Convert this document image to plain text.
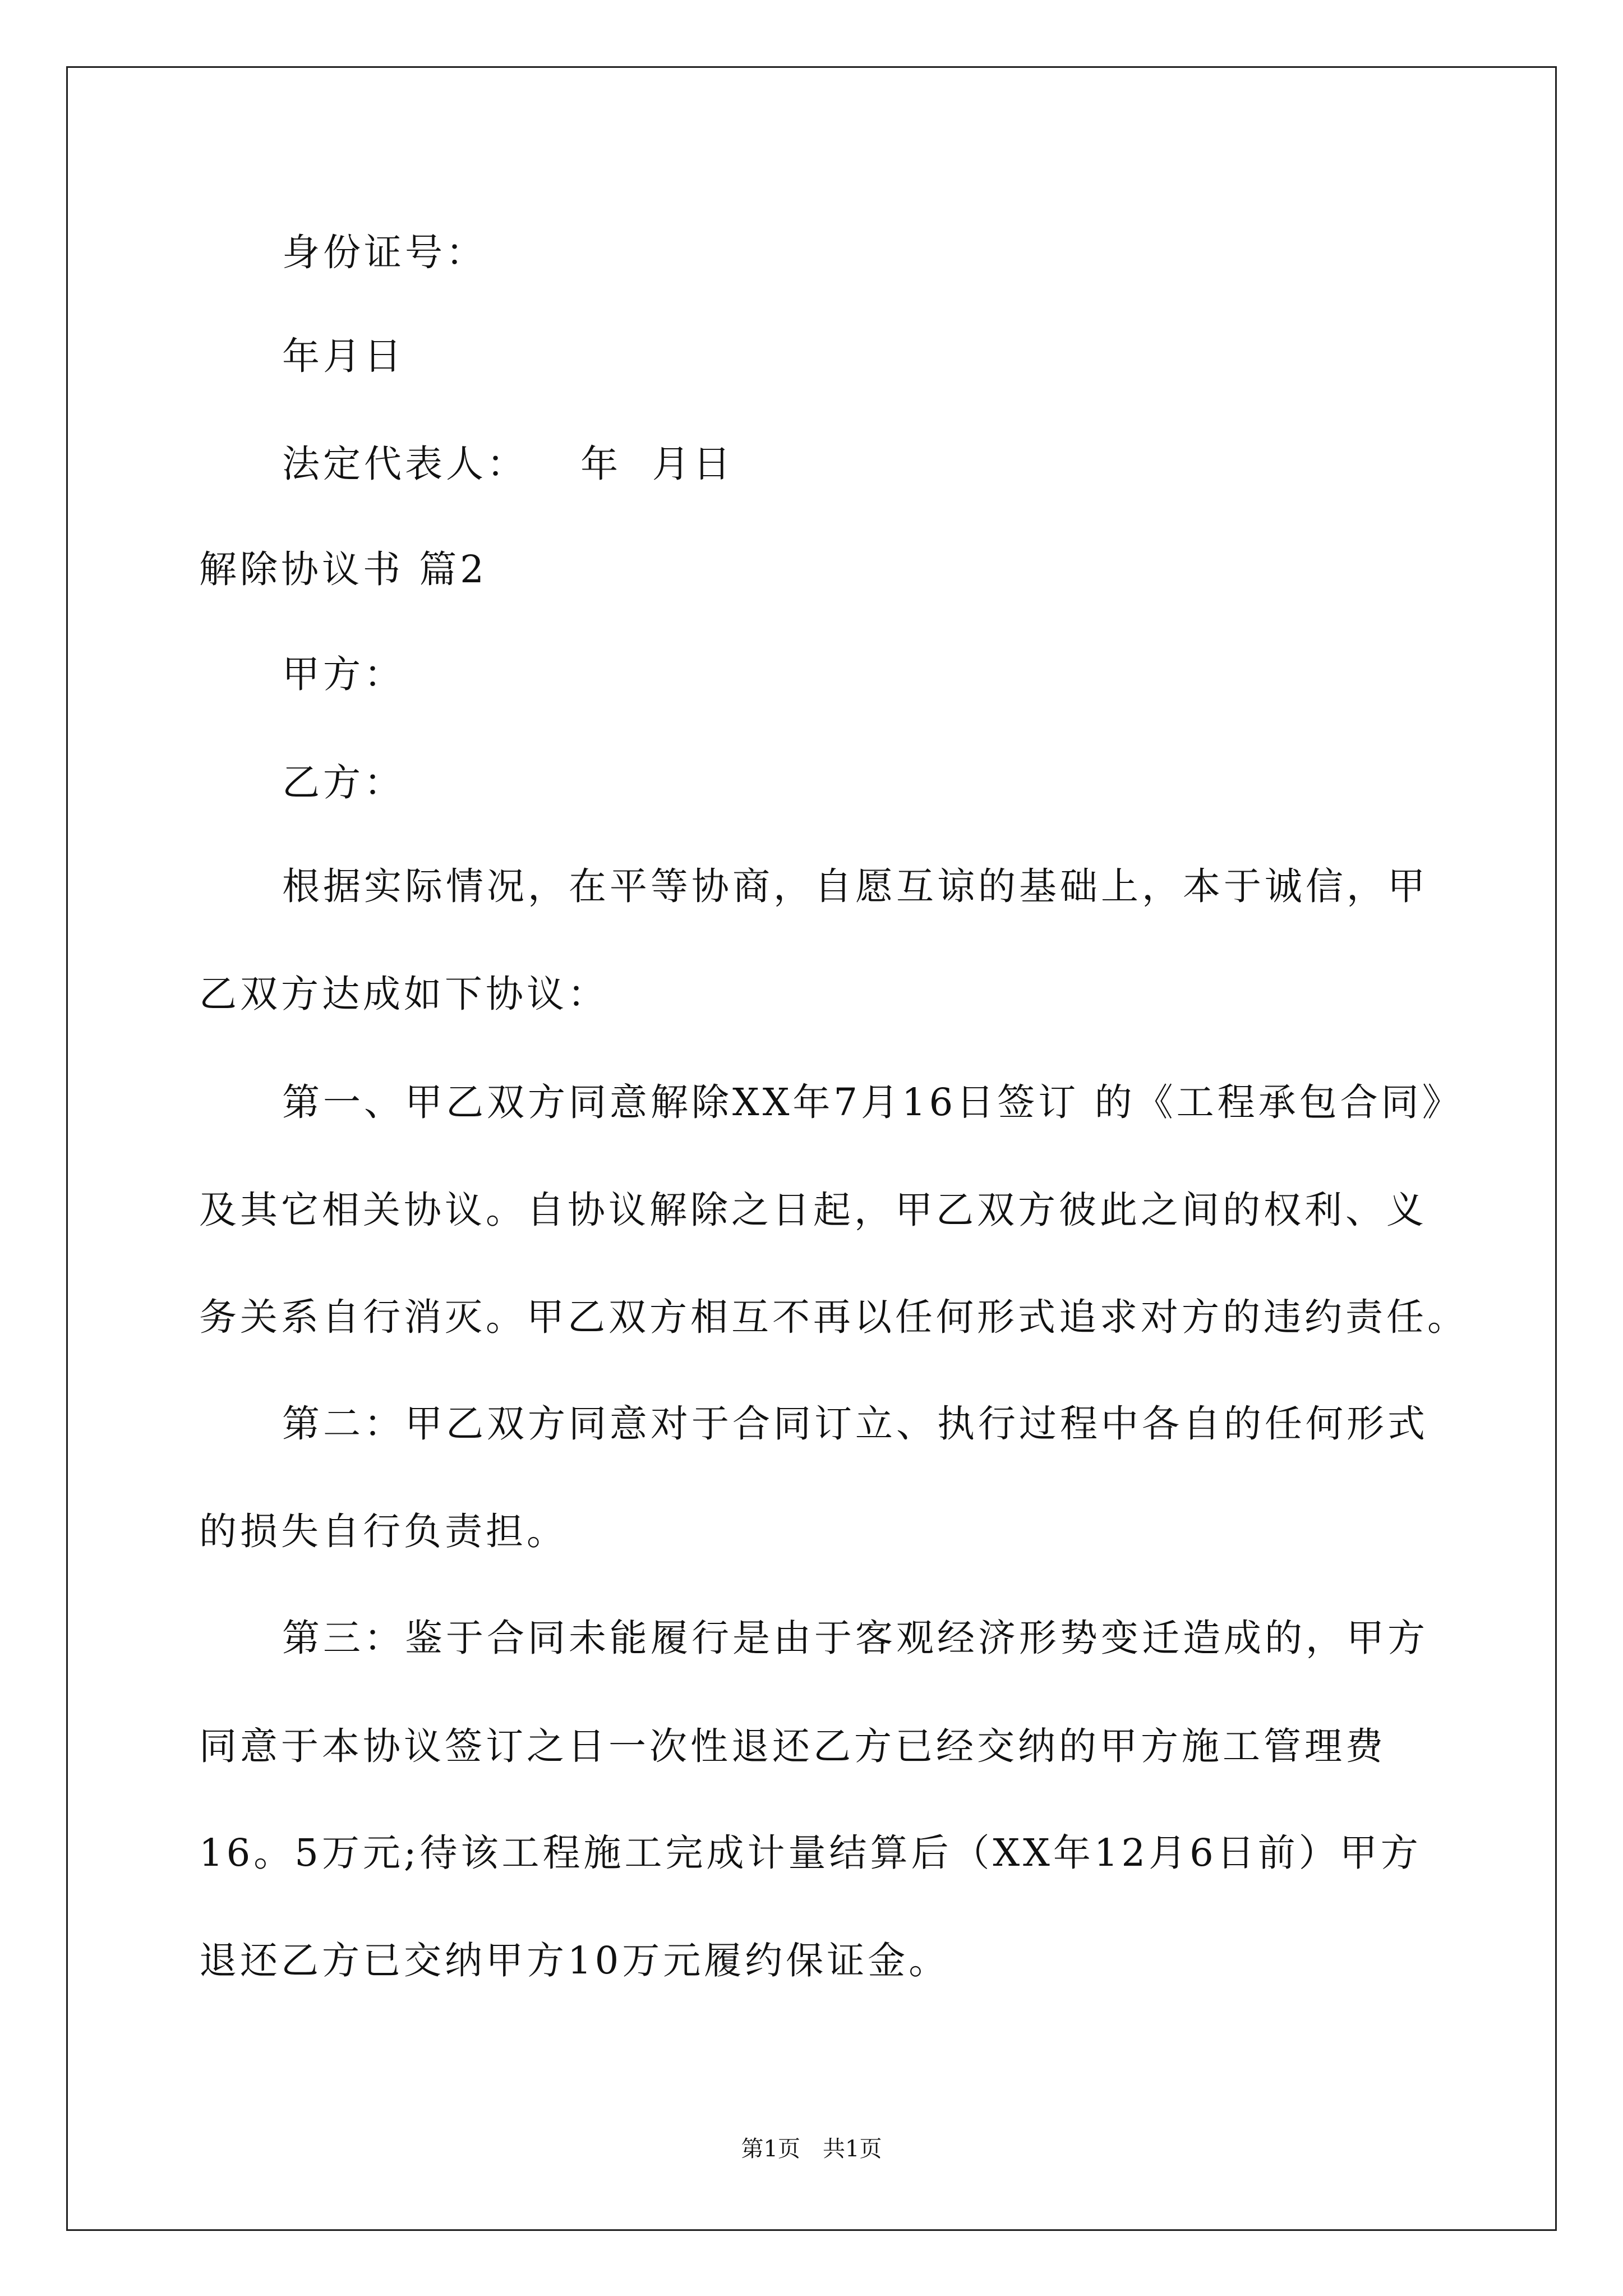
身份证号：
年月日
法定代表人：　  年  月日
解除协议书 篇2
甲方：
乙方：
根据实际情况，在平等协商，自愿互谅的基础上，本于诚信，甲
乙双方达成如下协议：
第一、甲乙双方同意解除XX年7月16日签订 的《工程承包合同》
及其它相关协议。自协议解除之日起，甲乙双方彼此之间的权利、义
务关系自行消灭。甲乙双方相互不再以任何形式追求对方的违约责任。
第二：甲乙双方同意对于合同订立、执行过程中各自的任何形式
的损失自行负责担。
第三：鉴于合同未能履行是由于客观经济形势变迁造成的，甲方
同意于本协议签订之日一次性退还乙方已经交纳的甲方施工管理费
16。5万元;待该工程施工完成计量结算后（XX年12月6日前）甲方
退还乙方已交纳甲方10万元履约保证金。
第1页　共1页
